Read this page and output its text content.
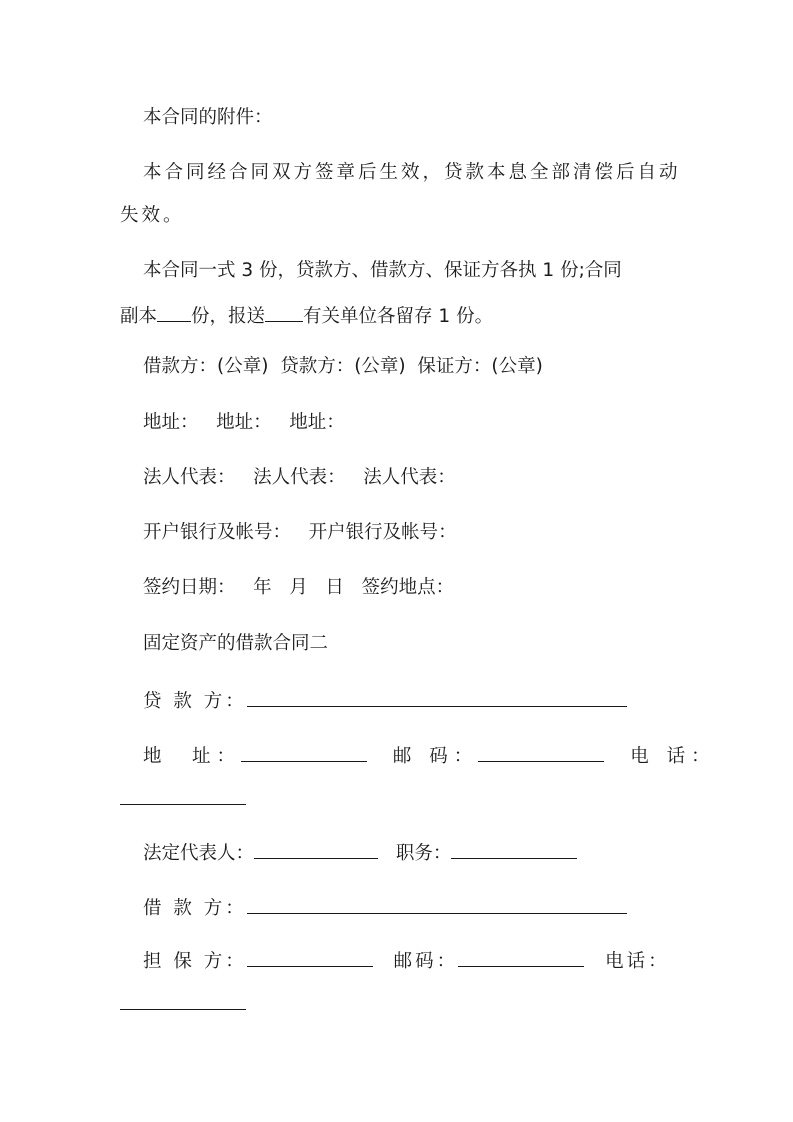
本合同的附件：
本合同经合同双方签章后生效，贷款本息全部清偿后自动
失效。
本合同一式 3 份，贷款方、借款方、保证方各执 1 份;合同
副本 份，报送 有关单位各留存 1 份。
借款方：(公章)  贷款方：(公章)  保证方：(公章)
地址：   地址：   地址：
法人代表：   法人代表：   法人代表：
开户银行及帐号：   开户银行及帐号：
签约日期：   年   月   日   签约地点：
固定资产的借款合同二
贷 款 方：
地　址：	邮 码：	电 话：
法定代表人：	职务：
借 款 方：
担 保 方：	邮码：	电话：
